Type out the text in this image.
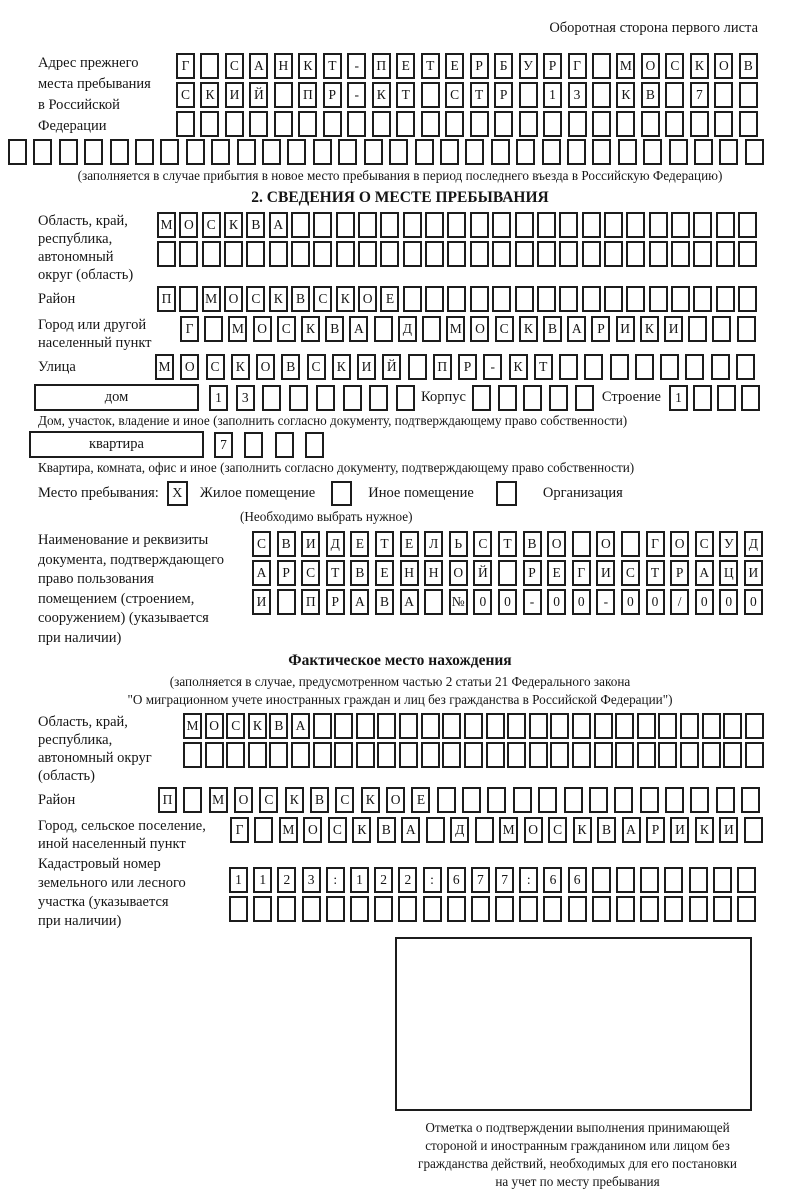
Оборотная сторона первого листа
Адрес прежнего
места пребывания
в Российской
Федерации
Г	С	А	Н	К	Т	-	П	Е	Т	Е	Р	Б	У	Р	Г	М	О	С	К	О	В
С	К	И	Й	П	Р	-	К	Т	С	Т	Р	1	3	К	В	7
(заполняется в случае прибытия в новое место пребывания в период последнего въезда в Российскую Федерацию)
2. СВЕДЕНИЯ О МЕСТЕ ПРЕБЫВАНИЯ
Область, край,
республика,
автономный
округ (область)
М О С К В А
Район	П	М О С К В С К О Е
Город или другой
населенный пункт
Г	М О	С	К	В	А	Д	М О	С	К	В	А	Р	И	К	И
Улица	М	О	С	К	О	В	С	К	И	Й	П	Р	-	К	Т
дом	1	3	Корпус	Строение	1
Дом, участок, владение и иное (заполнить согласно документу, подтверждающему право собственности)
квартира	7
Квартира, комната, офис и иное (заполнить согласно документу, подтверждающему право собственности)
Место пребывания: X	Жилое помещение	Иное помещение	Организация
(Необходимо выбрать нужное)
Наименование и реквизиты
документа, подтверждающего
право пользования
помещением (строением,
сооружением) (указывается
при наличии)
С	В	И	Д	Е	Т	Е	Л	Ь	С	Т	В	О	О	Г	О	С	У	Д
А	Р	С	Т	В	Е	Н	Н	О	Й	Р	Е	Г	И	С	Т	Р	А	Ц	И
И	П	Р	А	В	А	№	0	0	-	0	0	-	0	0	/	0	0	0
Фактическое место нахождения
(заполняется в случае, предусмотренном частью 2 статьи 21 Федерального закона
"О миграционном учете иностранных граждан и лиц без гражданства в Российской Федерации")
Область, край,
республика,
автономный округ
(область)
М О С К В А
Район	П	М	О	С	К	В	С	К	О	Е
Город, сельское поселение,
иной населенный пункт
Г	М	О	С	К	В	А	Д	М	О	С	К	В	А	Р	И	К	И
Кадастровый номер
земельного или лесного
участка (указывается
при наличии)
1	1	2	3	:	1	2	2	:	6	7	7	:	6	6
Отметка о подтверждении выполнения принимающей
стороной и иностранным гражданином или лицом без
гражданства действий, необходимых для его постановки
на учет по месту пребывания
